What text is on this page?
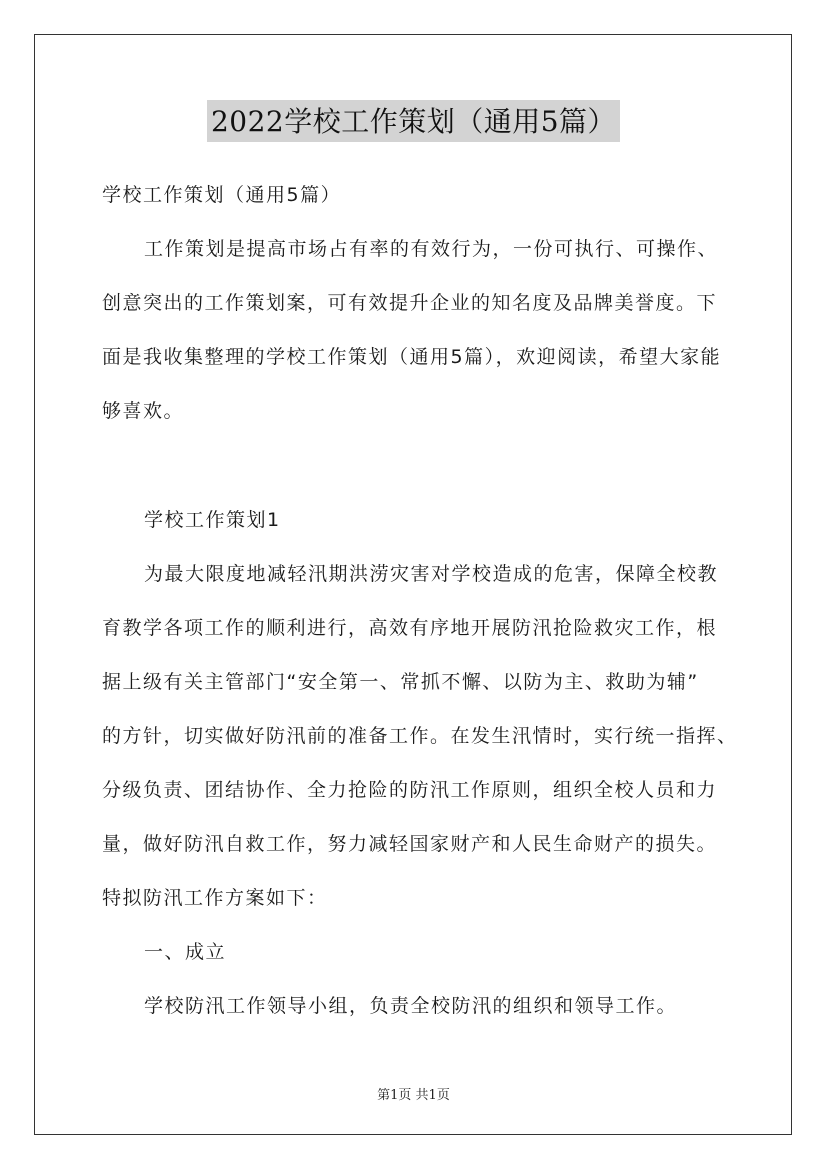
2022学校工作策划（通用5篇）
学校工作策划（通用5篇）
工作策划是提高市场占有率的有效行为，一份可执行、可操作、
创意突出的工作策划案，可有效提升企业的知名度及品牌美誉度。下
面是我收集整理的学校工作策划（通用5篇），欢迎阅读，希望大家能
够喜欢。
学校工作策划1
为最大限度地减轻汛期洪涝灾害对学校造成的危害，保障全校教
育教学各项工作的顺利进行，高效有序地开展防汛抢险救灾工作，根
据上级有关主管部门“安全第一、常抓不懈、以防为主、救助为辅”
的方针，切实做好防汛前的准备工作。在发生汛情时，实行统一指挥、
分级负责、团结协作、全力抢险的防汛工作原则，组织全校人员和力
量，做好防汛自救工作，努力减轻国家财产和人民生命财产的损失。
特拟防汛工作方案如下：
一、成立
学校防汛工作领导小组，负责全校防汛的组织和领导工作。
第1页 共1页
